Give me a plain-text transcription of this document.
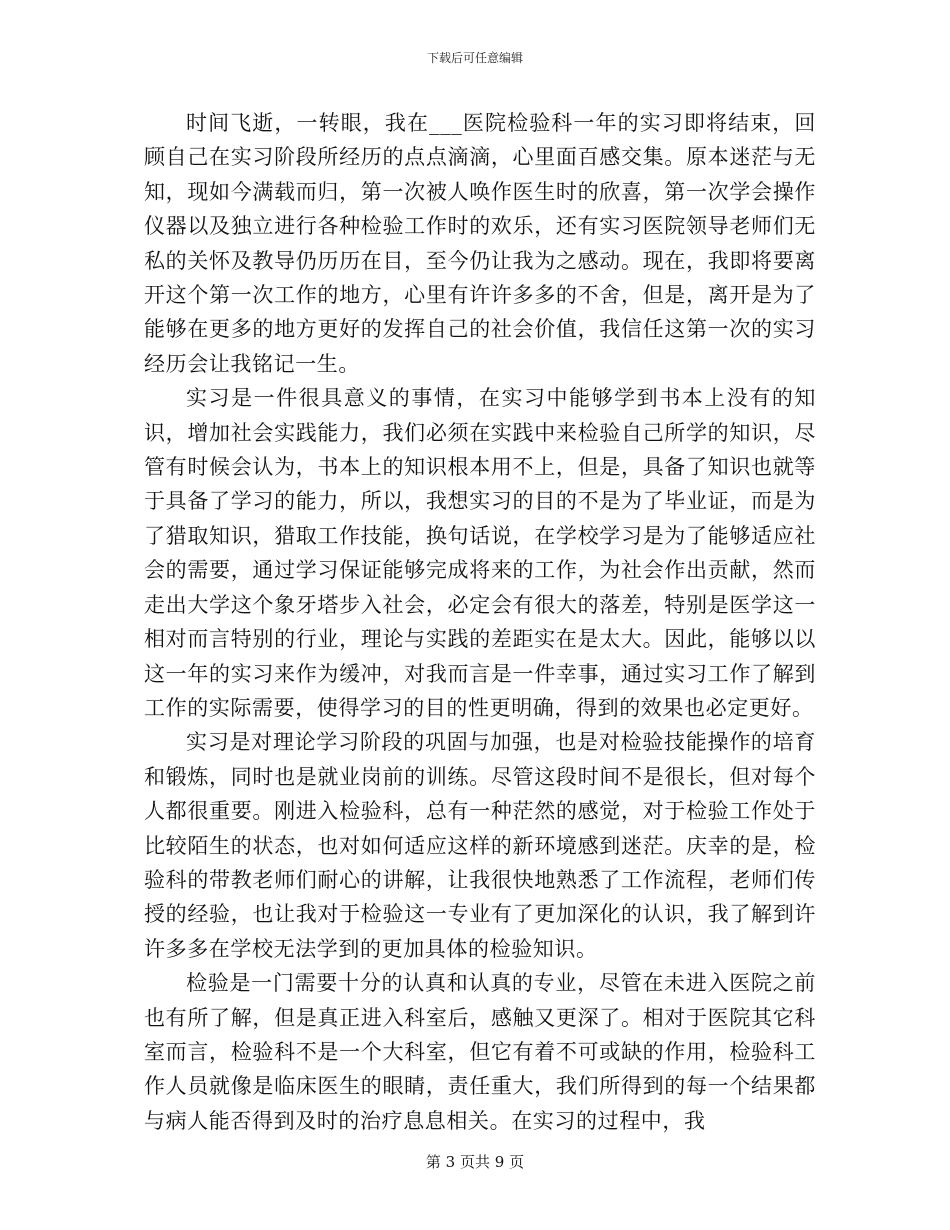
下载后可任意编辑

时间飞逝，一转眼，我在___医院检验科一年的实习即将结束，回顾自己在实习阶段所经历的点点滴滴，心里面百感交集。原本迷茫与无知，现如今满载而归，第一次被人唤作医生时的欣喜，第一次学会操作仪器以及独立进行各种检验工作时的欢乐，还有实习医院领导老师们无私的关怀及教导仍历历在目，至今仍让我为之感动。现在，我即将要离开这个第一次工作的地方，心里有许许多多的不舍，但是，离开是为了能够在更多的地方更好的发挥自己的社会价值，我信任这第一次的实习经历会让我铭记一生。

实习是一件很具意义的事情，在实习中能够学到书本上没有的知识，增加社会实践能力，我们必须在实践中来检验自己所学的知识，尽管有时候会认为，书本上的知识根本用不上，但是，具备了知识也就等于具备了学习的能力，所以，我想实习的目的不是为了毕业证，而是为了猎取知识，猎取工作技能，换句话说，在学校学习是为了能够适应社会的需要，通过学习保证能够完成将来的工作，为社会作出贡献，然而走出大学这个象牙塔步入社会，必定会有很大的落差，特别是医学这一相对而言特别的行业，理论与实践的差距实在是太大。因此，能够以以这一年的实习来作为缓冲，对我而言是一件幸事，通过实习工作了解到工作的实际需要，使得学习的目的性更明确，得到的效果也必定更好。

实习是对理论学习阶段的巩固与加强，也是对检验技能操作的培育和锻炼，同时也是就业岗前的训练。尽管这段时间不是很长，但对每个人都很重要。刚进入检验科，总有一种茫然的感觉，对于检验工作处于比较陌生的状态，也对如何适应这样的新环境感到迷茫。庆幸的是，检验科的带教老师们耐心的讲解，让我很快地熟悉了工作流程，老师们传授的经验，也让我对于检验这一专业有了更加深化的认识，我了解到许许多多在学校无法学到的更加具体的检验知识。

检验是一门需要十分的认真和认真的专业，尽管在未进入医院之前也有所了解，但是真正进入科室后，感触又更深了。相对于医院其它科室而言，检验科不是一个大科室，但它有着不可或缺的作用，检验科工作人员就像是临床医生的眼睛，责任重大，我们所得到的每一个结果都与病人能否得到及时的治疗息息相关。在实习的过程中，我

第 3 页共 9 页
